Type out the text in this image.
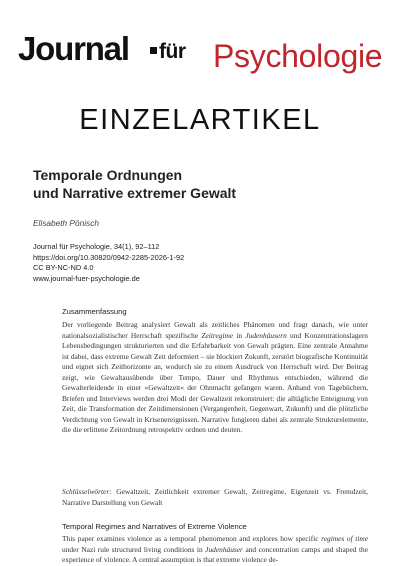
Journal für Psychologie
EINZELARTIKEL
Temporale Ordnungen
und Narrative extremer Gewalt
Elisabeth Pönisch
Journal für Psychologie, 34(1), 92–112
https://doi.org/10.30820/0942-2285-2026-1-92
CC BY-NC-ND 4.0
www.journal-fuer-psychologie.de
Zusammenfassung
Der vorliegende Beitrag analysiert Gewalt als zeitliches Phänomen und fragt danach, wie unter nationalsozialistischer Herrschaft spezifische Zeitregime in Judenhäusern und Konzentrationslagern Lebensbedingungen strukturierten und die Erfahrbarkeit von Gewalt prägten. Eine zentrale Annahme ist dabei, dass extreme Gewalt Zeit deformiert – sie blockiert Zukunft, zerstört biografische Kontinuität und eignet sich Zeithorizonte an, wodurch sie zu einem Ausdruck von Herrschaft wird. Der Beitrag zeigt, wie Gewaltausübende über Tempo, Dauer und Rhythmus entschieden, während die Gewalterleidende in einer »Gewaltzeit« der Ohnmacht gefangen waren. Anhand von Tagebüchern, Briefen und Interviews werden drei Modi der Gewaltzeit rekonstruiert: die alltägliche Enteignung von Zeit, die Transformation der Zeitdimensionen (Vergangenheit, Gegenwart, Zukunft) und die plötzliche Verdichtung von Gewalt in Krisenereignissen. Narrative fungieren dabei als zentrale Strukturelemente, die die erlittene Zeitordnung retrospektiv ordnen und deuten.
Schlüsselwörter: Gewaltzeit, Zeitlichkeit extremer Gewalt, Zeitregime, Eigenzeit vs. Fremdzeit, Narrative Darstellung von Gewalt
Temporal Regimes and Narratives of Extreme Violence
This paper examines violence as a temporal phenomenon and explores how specific regimes of time under Nazi rule structured living conditions in Judenhäuser and concentration camps and shaped the experience of violence. A central assumption is that extreme violence de-
